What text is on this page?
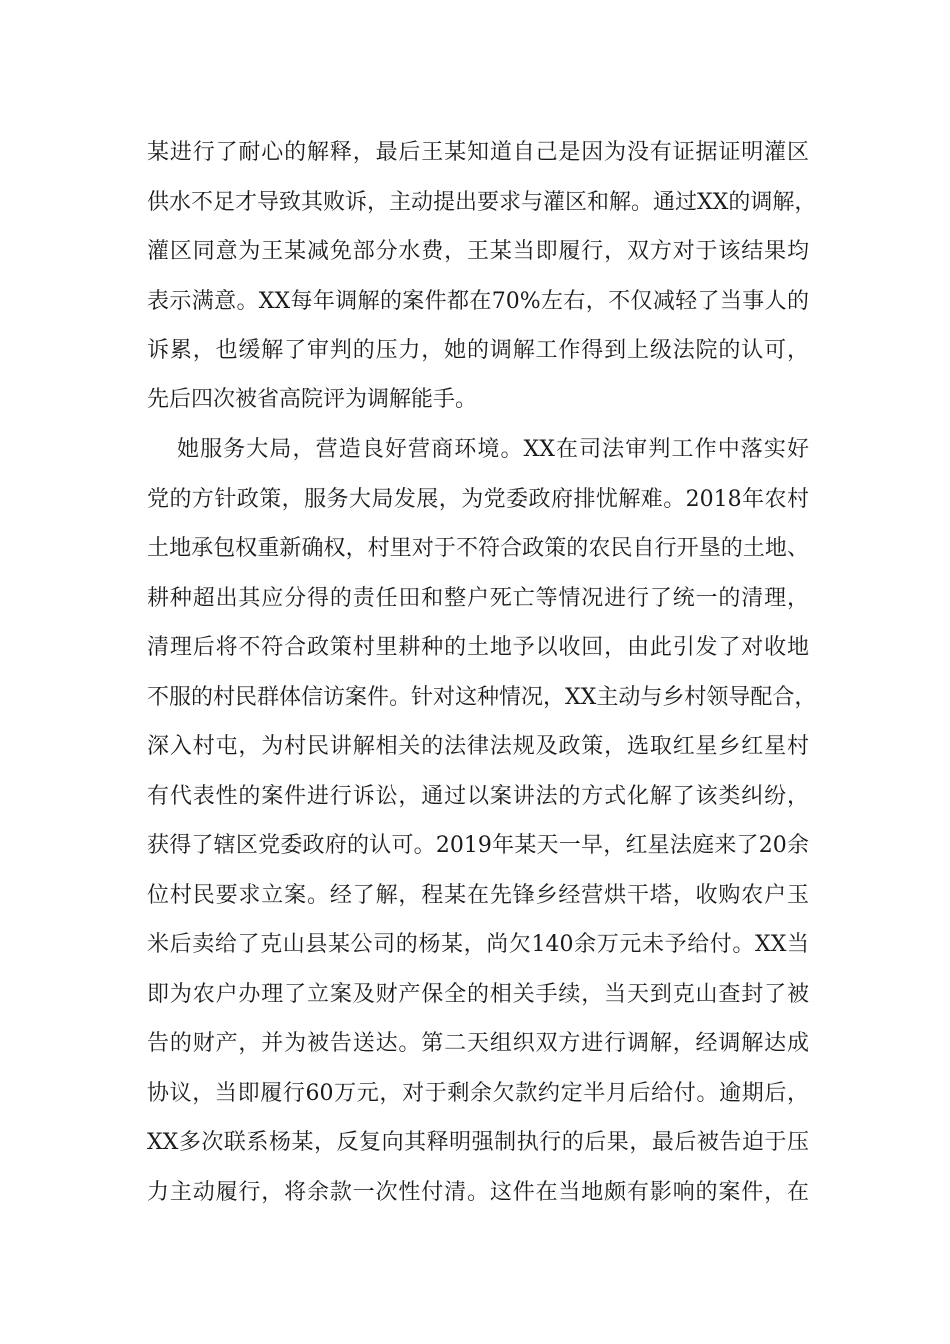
某进行了耐心的解释，最后王某知道自己是因为没有证据证明灌区
供水不足才导致其败诉，主动提出要求与灌区和解。通过XX的调解，
灌区同意为王某减免部分水费，王某当即履行，双方对于该结果均
表示满意。XX每年调解的案件都在70%左右，不仅减轻了当事人的
诉累，也缓解了审判的压力，她的调解工作得到上级法院的认可，
先后四次被省高院评为调解能手。
她服务大局，营造良好营商环境。XX在司法审判工作中落实好
党的方针政策，服务大局发展，为党委政府排忧解难。2018年农村
土地承包权重新确权，村里对于不符合政策的农民自行开垦的土地、
耕种超出其应分得的责任田和整户死亡等情况进行了统一的清理，
清理后将不符合政策村里耕种的土地予以收回，由此引发了对收地
不服的村民群体信访案件。针对这种情况，XX主动与乡村领导配合，
深入村屯，为村民讲解相关的法律法规及政策，选取红星乡红星村
有代表性的案件进行诉讼，通过以案讲法的方式化解了该类纠纷，
获得了辖区党委政府的认可。2019年某天一早，红星法庭来了20余
位村民要求立案。经了解，程某在先锋乡经营烘干塔，收购农户玉
米后卖给了克山县某公司的杨某，尚欠140余万元未予给付。XX当
即为农户办理了立案及财产保全的相关手续，当天到克山查封了被
告的财产，并为被告送达。第二天组织双方进行调解，经调解达成
协议，当即履行60万元，对于剩余欠款约定半月后给付。逾期后，
XX多次联系杨某，反复向其释明强制执行的后果，最后被告迫于压
力主动履行，将余款一次性付清。这件在当地颇有影响的案件，在
